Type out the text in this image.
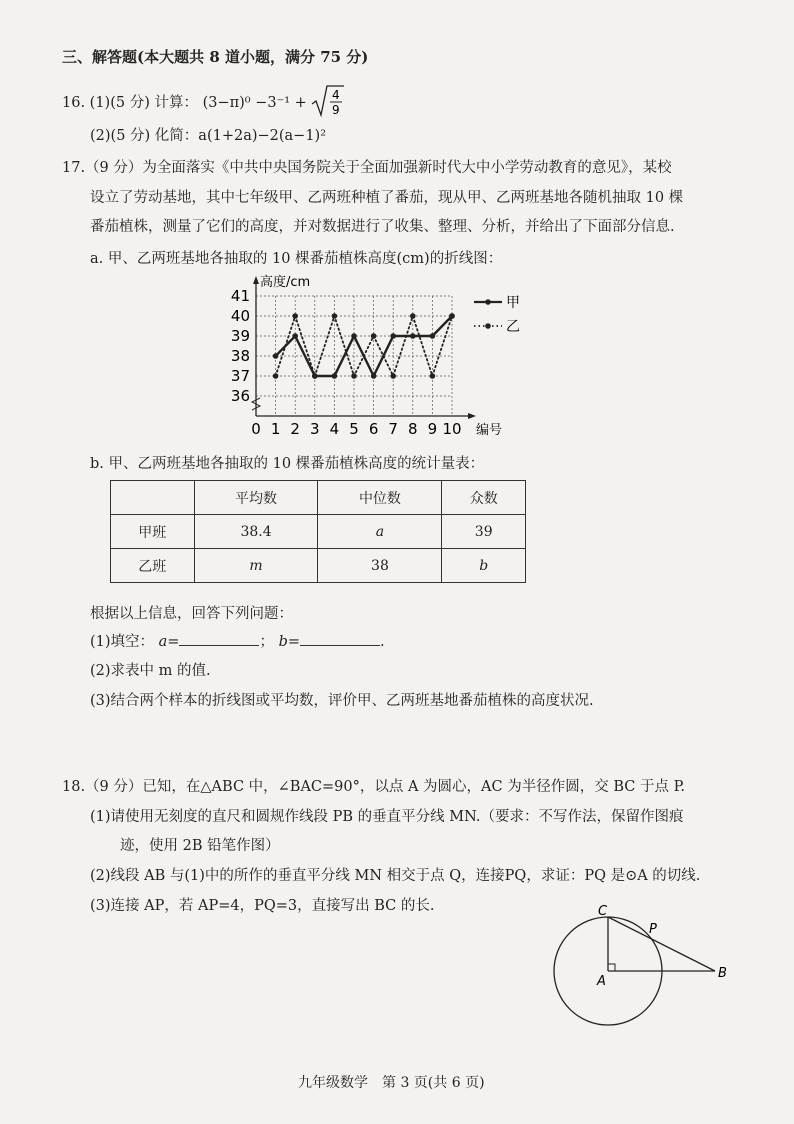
三、解答题(本大题共 8 道小题，满分 75 分)
16. (1)(5 分) 计算： (3−π)⁰ −3⁻¹ + 4
9
(2)(5 分) 化简：a(1+2a)−2(a−1)²
17.（9 分）为全面落实《中共中央国务院关于全面加强新时代大中小学劳动教育的意见》，某校
设立了劳动基地，其中七年级甲、乙两班种植了番茄，现从甲、乙两班基地各随机抽取 10 棵
番茄植株，测量了它们的高度，并对数据进行了收集、整理、分析，并给出了下面部分信息.
a. 甲、乙两班基地各抽取的 10 棵番茄植株高度(cm)的折线图：
36
37
38
39
40
41
0 1 2 3 4 5 6 7 8 9 10
高度/cm
编号
甲
乙
b. 甲、乙两班基地各抽取的 10 棵番茄植株高度的统计量表：
	平均数	中位数	众数
甲班	38.4	a	39
乙班	m	38	b
根据以上信息，回答下列问题：
(1)填空： a=	； b=	.
(2)求表中 m 的值.
(3)结合两个样本的折线图或平均数，评价甲、乙两班基地番茄植株的高度状况.
18.（9 分）已知，在△ABC 中，∠BAC=90°，以点 A 为圆心，AC 为半径作圆，交 BC 于点 P.
(1)请使用无刻度的直尺和圆规作线段 PB 的垂直平分线 MN.（要求：不写作法，保留作图痕
迹，使用 2B 铅笔作图）
(2)线段 AB 与(1)中的所作的垂直平分线 MN 相交于点 Q，连接PQ，求证：PQ 是⊙A 的切线.
(3)连接 AP，若 AP=4，PQ=3，直接写出 BC 的长.	C
P
A
B
九年级数学　第 3 页(共 6 页)
